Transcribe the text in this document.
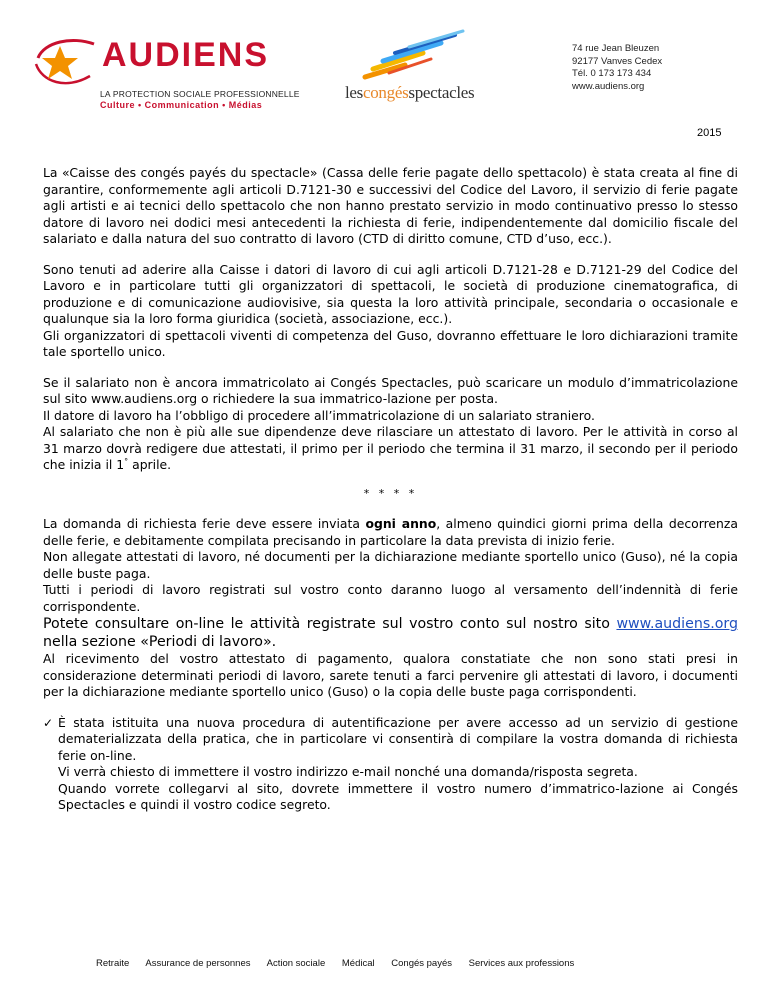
AUDIENS
LA PROTECTION SOCIALE PROFESSIONNELLE
Culture • Communication • Médias
lescongésspectacles
74 rue Jean Bleuzen
92177 Vanves Cedex
Tél. 0 173 173 434
www.audiens.org
2015

La «Caisse des congés payés du spectacle» (Cassa delle ferie pagate dello spettacolo) è stata creata al fine di garantire, conformemente agli articoli D.7121-30 e successivi del Codice del Lavoro, il servizio di ferie pagate agli artisti e ai tecnici dello spettacolo che non hanno prestato servizio in modo continuativo presso lo stesso datore di lavoro nei dodici mesi antecedenti la richiesta di ferie, indipendentemente dal domicilio fiscale del salariato e dalla natura del suo contratto di lavoro (CTD di diritto comune, CTD d’uso, ecc.).

Sono tenuti ad aderire alla Caisse i datori di lavoro di cui agli articoli D.7121-28 e D.7121-29 del Codice del Lavoro e in particolare tutti gli organizzatori di spettacoli, le società di produzione cinematografica, di produzione e di comunicazione audiovisive, sia questa la loro attività principale, secondaria o occasionale e qualunque sia la loro forma giuridica (società, associazione, ecc.).

Gli organizzatori di spettacoli viventi di competenza del Guso, dovranno effettuare le loro dichiarazioni tramite tale sportello unico.

Se il salariato non è ancora immatricolato ai Congés Spectacles, può scaricare un modulo d’immatricolazione sul sito www.audiens.org o richiedere la sua immatrico-lazione per posta.

Il datore di lavoro ha l’obbligo di procedere all’immatricolazione di un salariato straniero.

Al salariato che non è più alle sue dipendenze deve rilasciare un attestato di lavoro. Per le attività in corso al 31 marzo dovrà redigere due attestati, il primo per il periodo che termina il 31 marzo, il secondo per il periodo che inizia il 1° aprile.

* * * *

La domanda di richiesta ferie deve essere inviata ogni anno, almeno quindici giorni prima della decorrenza delle ferie, e debitamente compilata precisando in particolare la data prevista di inizio ferie.

Non allegate attestati di lavoro, né documenti per la dichiarazione mediante sportello unico (Guso), né la copia delle buste paga.

Tutti i periodi di lavoro registrati sul vostro conto daranno luogo al versamento dell’indennità di ferie corrispondente.

Potete consultare on-line le attività registrate sul vostro conto sul nostro sito www.audiens.org nella sezione «Periodi di lavoro».

Al ricevimento del vostro attestato di pagamento, qualora constatiate che non sono stati presi in considerazione determinati periodi di lavoro, sarete tenuti a farci pervenire gli attestati di lavoro, i documenti per la dichiarazione mediante sportello unico (Guso) o la copia delle buste paga corrispondenti.

✓ È stata istituita una nuova procedura di autentificazione per avere accesso ad un servizio di gestione dematerializzata della pratica, che in particolare vi consentirà di compilare la vostra domanda di richiesta ferie on-line.

Vi verrà chiesto di immettere il vostro indirizzo e-mail nonché una domanda/risposta segreta.

Quando vorrete collegarvi al sito, dovrete immettere il vostro numero d’immatrico-lazione ai Congés Spectacles e quindi il vostro codice segreto.

Retraite Assurance de personnes Action sociale Médical Congés payés Services aux professions
